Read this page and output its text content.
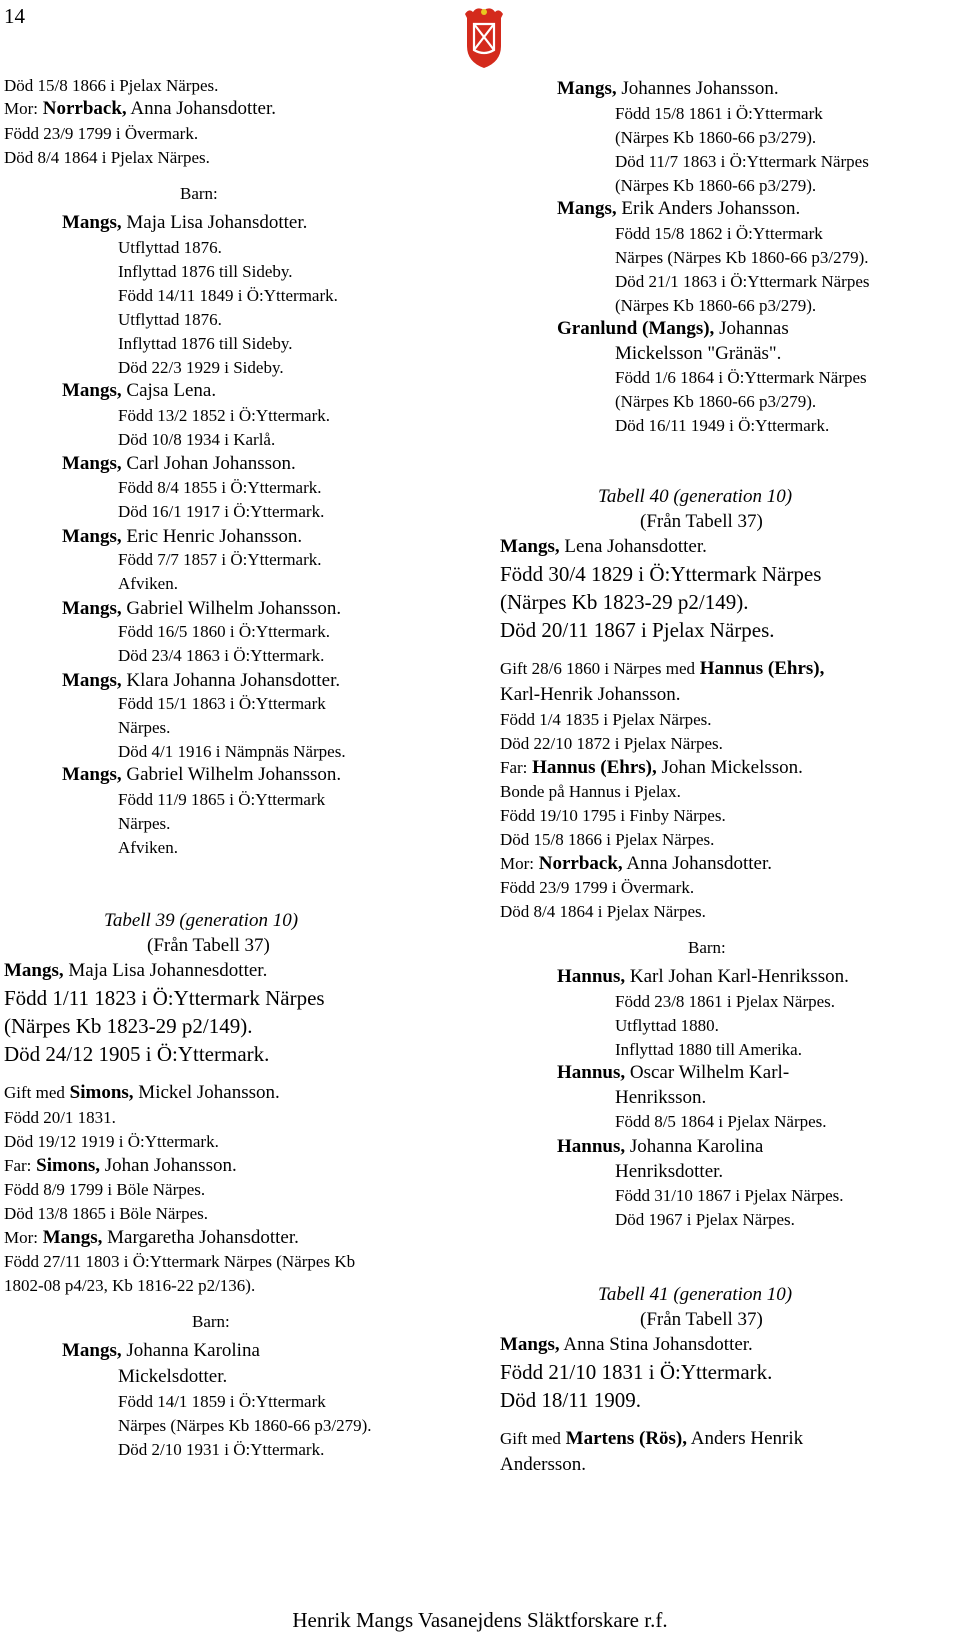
14
Död 15/8 1866 i Pjelax Närpes.
Mor: Norrback, Anna Johansdotter.
Född 23/9 1799 i Övermark.
Död 8/4 1864 i Pjelax Närpes.
Barn:
Mangs, Maja Lisa Johansdotter.
Utflyttad 1876.
Inflyttad 1876 till Sideby.
Född 14/11 1849 i Ö:Yttermark.
Utflyttad 1876.
Inflyttad 1876 till Sideby.
Död 22/3 1929 i Sideby.
Mangs, Cajsa Lena.
Född 13/2 1852 i Ö:Yttermark.
Död 10/8 1934 i Karlå.
Mangs, Carl Johan Johansson.
Född 8/4 1855 i Ö:Yttermark.
Död 16/1 1917 i Ö:Yttermark.
Mangs, Eric Henric Johansson.
Född 7/7 1857 i Ö:Yttermark.
Afviken.
Mangs, Gabriel Wilhelm Johansson.
Född 16/5 1860 i Ö:Yttermark.
Död 23/4 1863 i Ö:Yttermark.
Mangs, Klara Johanna Johansdotter.
Född 15/1 1863 i Ö:Yttermark
Närpes.
Död 4/1 1916 i Nämpnäs Närpes.
Mangs, Gabriel Wilhelm Johansson.
Född 11/9 1865 i Ö:Yttermark
Närpes.
Afviken.
Tabell 39 (generation 10)
(Från Tabell 37)
Mangs, Maja Lisa Johannesdotter.
Född 1/11 1823 i Ö:Yttermark Närpes
(Närpes Kb 1823-29 p2/149).
Död 24/12 1905 i Ö:Yttermark.
Gift med Simons, Mickel Johansson.
Född 20/1 1831.
Död 19/12 1919 i Ö:Yttermark.
Far: Simons, Johan Johansson.
Född 8/9 1799 i Böle Närpes.
Död 13/8 1865 i Böle Närpes.
Mor: Mangs, Margaretha Johansdotter.
Född 27/11 1803 i Ö:Yttermark Närpes (Närpes Kb
1802-08 p4/23, Kb 1816-22 p2/136).
Barn:
Mangs, Johanna Karolina
Mickelsdotter.
Född 14/1 1859 i Ö:Yttermark
Närpes (Närpes Kb 1860-66 p3/279).
Död 2/10 1931 i Ö:Yttermark.
Mangs, Johannes Johansson.
Född 15/8 1861 i Ö:Yttermark
(Närpes Kb 1860-66 p3/279).
Död 11/7 1863 i Ö:Yttermark Närpes
(Närpes Kb 1860-66 p3/279).
Mangs, Erik Anders Johansson.
Född 15/8 1862 i Ö:Yttermark
Närpes (Närpes Kb 1860-66 p3/279).
Död 21/1 1863 i Ö:Yttermark Närpes
(Närpes Kb 1860-66 p3/279).
Granlund (Mangs), Johannas
Mickelsson "Gränäs".
Född 1/6 1864 i Ö:Yttermark Närpes
(Närpes Kb 1860-66 p3/279).
Död 16/11 1949 i Ö:Yttermark.
Tabell 40 (generation 10)
(Från Tabell 37)
Mangs, Lena Johansdotter.
Född 30/4 1829 i Ö:Yttermark Närpes
(Närpes Kb 1823-29 p2/149).
Död 20/11 1867 i Pjelax Närpes.
Gift 28/6 1860 i Närpes med Hannus (Ehrs),
Karl-Henrik Johansson.
Född 1/4 1835 i Pjelax Närpes.
Död 22/10 1872 i Pjelax Närpes.
Far: Hannus (Ehrs), Johan Mickelsson.
Bonde på Hannus i Pjelax.
Född 19/10 1795 i Finby Närpes.
Död 15/8 1866 i Pjelax Närpes.
Mor: Norrback, Anna Johansdotter.
Född 23/9 1799 i Övermark.
Död 8/4 1864 i Pjelax Närpes.
Barn:
Hannus, Karl Johan Karl-Henriksson.
Född 23/8 1861 i Pjelax Närpes.
Utflyttad 1880.
Inflyttad 1880 till Amerika.
Hannus, Oscar Wilhelm Karl-
Henriksson.
Född 8/5 1864 i Pjelax Närpes.
Hannus, Johanna Karolina
Henriksdotter.
Född 31/10 1867 i Pjelax Närpes.
Död 1967 i Pjelax Närpes.
Tabell 41 (generation 10)
(Från Tabell 37)
Mangs, Anna Stina Johansdotter.
Född 21/10 1831 i Ö:Yttermark.
Död 18/11 1909.
Gift med Martens (Rös), Anders Henrik
Andersson.
Henrik Mangs Vasanejdens Släktforskare r.f.
